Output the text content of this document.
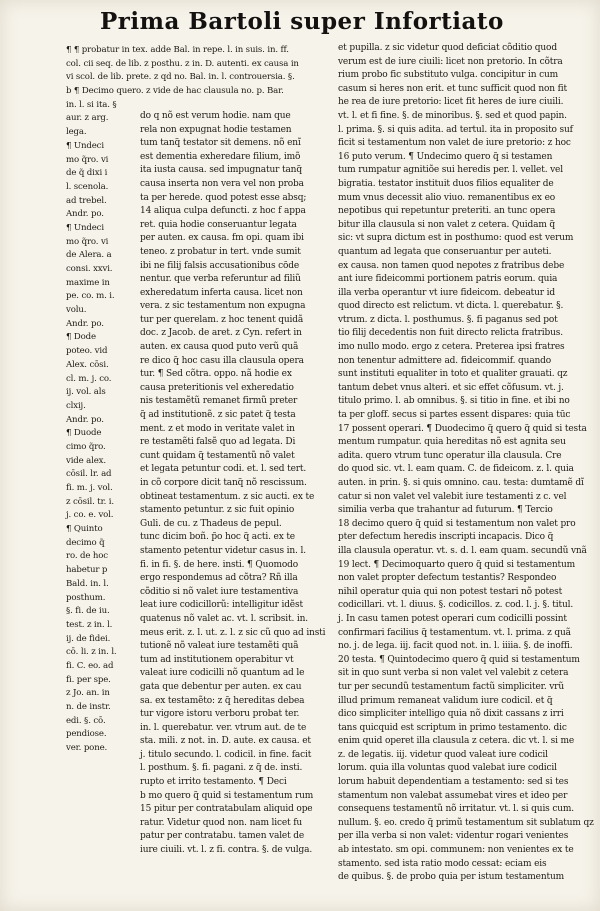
Prima Bartoli super Infortiato
¶ ¶ probatur in tex. adde Bal. in repe. l. in suis. in. ff.
col. cii seq. de lib. z posthu. z in. D. autenti. ex causa in
vi scol. de lib. prete. z qd no. Bal. in. l. controuersia. §.
b ¶ Decimo quero. z vide de hac clausula no. p. Bar.
in. l. si ita. §
aur. z arg.
lega.
¶ Undeci
mo q̃ro. vi
de q̃ dixi i
l. scenola.
ad trebel.
Andr. po.
¶ Undeci
mo q̃ro. vi
de Alera. a
consi. xxvi.
maxime in
pe. co. m. i.
volu.
Andr. po.
¶ Dode
poteo. vid
Alex. cōsi.
cl. m. j. co.
ij. vol. als
clxij.
Andr. po.
¶ Duode
cimo q̃ro.
vide alex.
cōsil. lr. ad
fi. m. j. vol.
z cōsil. tr. i.
j. co. e. vol.
¶ Quinto
decimo q̃
ro. de hoc
habetur p
Bald. in. l.
posthum.
§. fi. de iu.
test. z in. l.
ij. de fidei.
cō. li. z in. l.
fi. C. eo. ad
fi. per spe.
z Jo. an. in
n. de instr.
edi. §. cō.
pendiose.
ver. pone.
do q nõ est verum hodie. nam que
rela non expugnat hodie testamen
tum tanq̃ testator sit demens. nõ enĩ
est dementia exheredare filium, imõ
ita iusta causa. sed impugnatur tanq̃
causa inserta non vera vel non proba
ta per herede. quod potest esse absq;
14 aliqua culpa defuncti. z hoc f appa
ret. quia hodie conseruantur legata
per auten. ex causa. fm opi. quam ibi
teneo. z probatur in tert. vnde sumit
ibi ne filij falsis accusationibus cōde
nentur. que verba referuntur ad filiũ
exheredatum inferta causa. licet non
vera. z sic testamentum non expugna
tur per querelam. z hoc tenent quidã
doc. z Jacob. de aret. z Cyn. refert in
auten. ex causa quod puto verũ quã
re dico q̃ hoc casu illa clausula opera
tur. ¶ Sed cõtra. oppo. nã hodie ex
causa preteritionis vel exheredatio
nis testamẽtũ remanet firmũ preter
q̃ ad institutionẽ. z sic patet q̃ testa
ment. z et modo in veritate valet in
re testamẽti falsẽ quo ad legata. Di
cunt quidam q̃ testamentũ nõ valet
et legata petuntur codi. et. l. sed tert.
in cõ corpore dicit tanq̃ nõ rescissum.
obtineat testamentum. z sic aucti. ex te
stamento petuntur. z sic fuit opinio
Guli. de cu. z Thadeus de pepul.
tunc dicim boñ. p̃o hoc q̃ acti. ex te
stamento petentur videtur casus in. l.
fi. in fi. §. de here. insti. ¶ Quomodo
ergo respondemus ad cõtra? Rñ illa
cõditio si nõ valet iure testamentiva
leat iure codicillorũ: intelligitur idẽst
quatenus nõ valet ac. vt. l. scribsit. in.
meus erit. z. l. ut. z. l. z sic cũ quo ad insti
tutionẽ nõ valeat iure testamẽti quã
tum ad institutionem operabitur vt
valeat iure codicilli nõ quantum ad le
gata que debentur per auten. ex cau
sa. ex testamẽto: z q̃ hereditas debea
tur vigore istoru verboru probat ter.
in. l. querebatur. ver. vtrum aut. de te
sta. mili. z not. in. D. aute. ex causa. et
j. titulo secundo. l. codicil. in fine. facit
l. posthum. §. fi. pagani. z q̃ de. insti.
rupto et irrito testamento. ¶ Deci
b mo quero q̃ quid si testamentum rum
15 pitur per contratabulam aliquid ope
ratur. Videtur quod non. nam licet fu
patur per contratabu. tamen valet de
iure ciuili. vt. l. z fi. contra. §. de vulga.
et pupilla. z sic videtur quod deficiat cõditio quod
verum est de iure ciuili: licet non pretorio. In cõtra
rium probo fic substituto vulga. concipitur in cum
casum si heres non erit. et tunc sufficit quod non fit
he rea de iure pretorio: licet fit heres de iure ciuili.
vt. l. et fi fine. §. de minoribus. §. sed et quod papin.
l. prima. §. si quis adita. ad tertul. ita in proposito suf
ficit si testamentum non valet de iure pretorio: z hoc
16 puto verum. ¶ Undecimo quero q̃ si testamen
tum rumpatur agnitiõe sui heredis per. l. vellet. vel
bigratia. testator instituit duos filios equaliter de
mum vnus decessit alio viuo. remanentibus ex eo
nepotibus qui repetuntur preteriti. an tunc opera
bitur illa clausula si non valet z cetera. Quidam q̃
sic: vt supra dictum est in posthumo: quod est verum
quantum ad legata que conseruantur per auteti.
ex causa. non tamen quod nepotes z fratribus debe
ant iure fideicommi portionem patris eorum. quia
illa verba operantur vt iure fideicom. debeatur id
quod directo est relictum. vt dicta. l. querebatur. §.
vtrum. z dicta. l. posthumus. §. fi paganus sed pot
tio filij decedentis non fuit directo relicta fratribus.
imo nullo modo. ergo z cetera. Preterea ipsi fratres
non tenentur admittere ad. fideicommif. quando
sunt instituti equaliter in toto et qualiter grauati. qz
tantum debet vnus alteri. et sic effet cõfusum. vt. j.
titulo primo. l. ab omnibus. §. si titio in fine. et ibi no
ta per gloff. secus si partes essent dispares: quia tūc
17 possent operari. ¶ Duodecimo q̃ quero q̃ quid si testa
mentum rumpatur. quia hereditas nõ est agnita seu
adita. quero vtrum tunc operatur illa clausula. Cre
do quod sic. vt. l. eam quam. C. de fideicom. z. l. quia
auten. in prin. §. si quis omnino. cau. testa: dumtamẽ dĩ
catur si non valet vel valebit iure testamenti z c. vel
similia verba que trahantur ad futurum. ¶ Tercio
18 decimo quero q̃ quid si testamentum non valet pro
pter defectum heredis inscripti incapacis. Dico q̃
illa clausula operatur. vt. s. d. l. eam quam. secundũ vnã
19 lect. ¶ Decimoquarto quero q̃ quid si testamentum
non valet propter defectum testantis? Respondeo
nihil operatur quia qui non potest testari nõ potest
codicillari. vt. l. diuus. §. codicillos. z. cod. l. j. §. titul.
j. In casu tamen potest operari cum codicilli possint
confirmari facilius q̃ testamentum. vt. l. prima. z quã
no. j. de lega. iij. facit quod not. in. l. iiiia. §. de inoffi.
20 testa. ¶ Quintodecimo quero q̃ quid si testamentum
sit in quo sunt verba si non valet vel valebit z cetera
tur per secundũ testamentum factũ simpliciter. vrũ
illud primum remaneat validum iure codicil. et q̃
dico simpliciter intelligo quia nõ dixit cassans z irri
tans quicquid est scriptum in primo testamento. dic
enim quid operet illa clausula z cetera. dic vt. l. si me
z. de legatis. iij. videtur quod valeat iure codicil
lorum. quia illa voluntas quod valebat iure codicil
lorum habuit dependentiam a testamento: sed si tes
stamentum non valebat assumebat vires et ideo per
consequens testamentũ nõ irritatur. vt. l. si quis cum.
nullum. §. eo. credo q̃ primũ testamentum sit sublatum qz
per illa verba si non valet: videntur rogari venientes
ab intestato. sm opi. communem: non venientes ex te
stamento. sed ista ratio modo cessat: eciam eis
de quibus. §. de probo quia per istum testamentum
